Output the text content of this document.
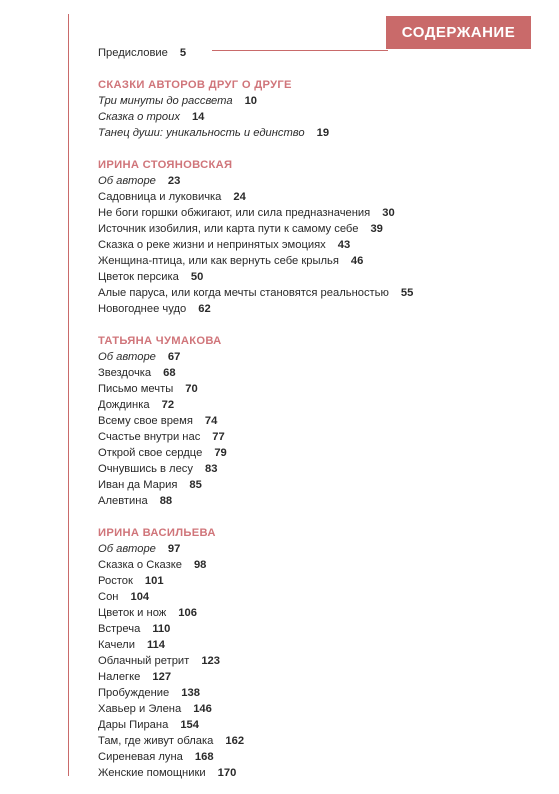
СОДЕРЖАНИЕ
Предисловие 5
СКАЗКИ АВТОРОВ ДРУГ О ДРУГЕ
Три минуты до рассвета 10
Сказка о троих 14
Танец души: уникальность и единство 19
ИРИНА СТОЯНОВСКАЯ
Об авторе 23
Садовница и луковичка 24
Не боги горшки обжигают, или сила предназначения 30
Источник изобилия, или карта пути к самому себе 39
Сказка о реке жизни и непринятых эмоциях 43
Женщина-птица, или как вернуть себе крылья 46
Цветок персика 50
Алые паруса, или когда мечты становятся реальностью 55
Новогоднее чудо 62
ТАТЬЯНА ЧУМАКОВА
Об авторе 67
Звездочка 68
Письмо мечты 70
Дождинка 72
Всему свое время 74
Счастье внутри нас 77
Открой свое сердце 79
Очнувшись в лесу 83
Иван да Мария 85
Алевтина 88
ИРИНА ВАСИЛЬЕВА
Об авторе 97
Сказка о Сказке 98
Росток 101
Сон 104
Цветок и нож 106
Встреча 110
Качели 114
Облачный ретрит 123
Налегке 127
Пробуждение 138
Хавьер и Элена 146
Дары Пирана 154
Там, где живут облака 162
Сиреневая луна 168
Женские помощники 170
